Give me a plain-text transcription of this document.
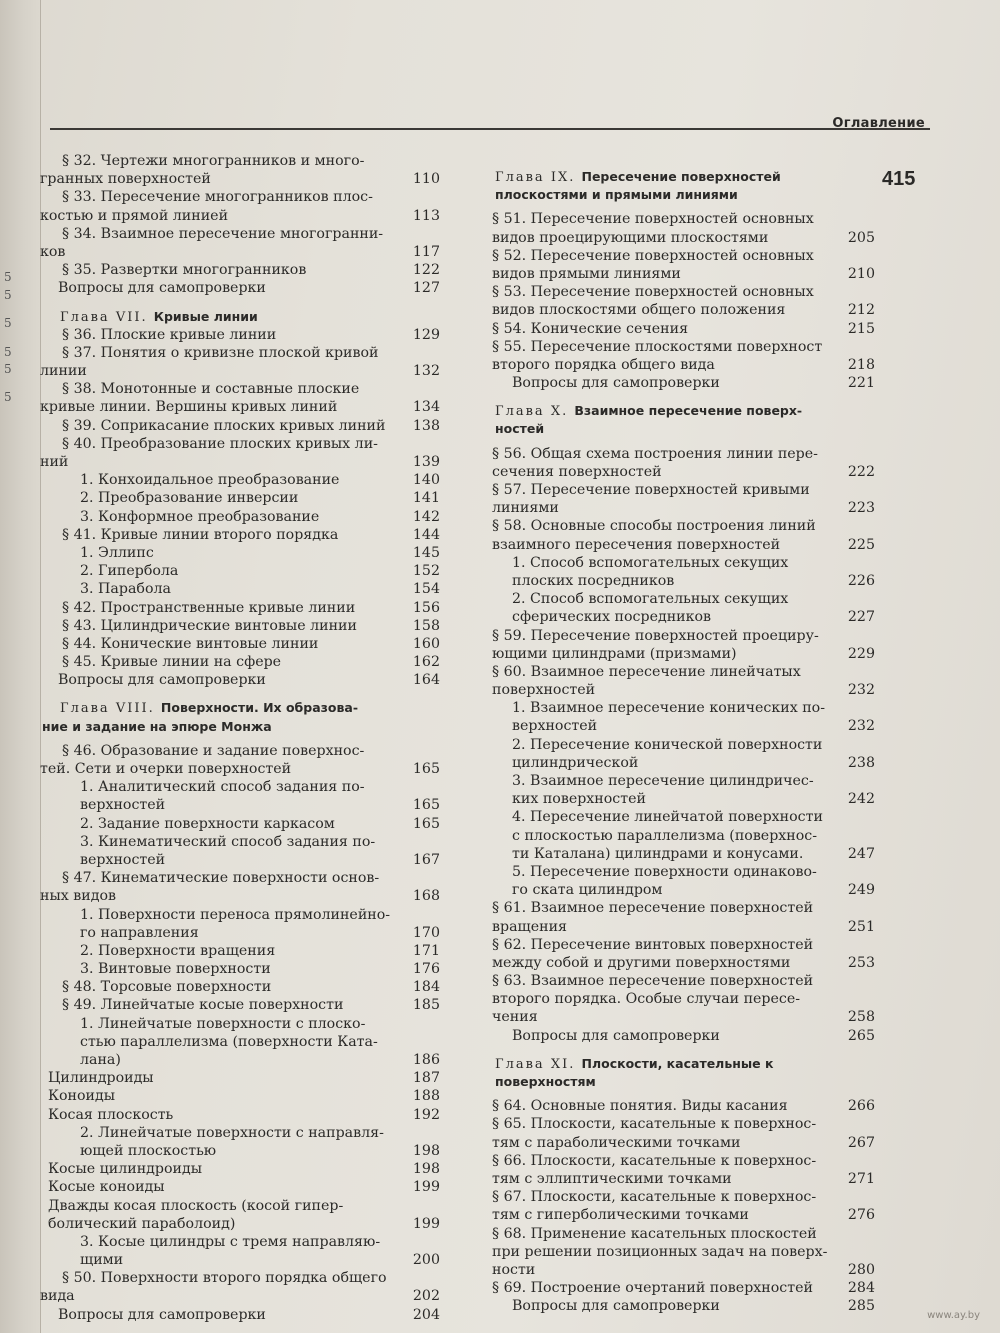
5
5
5
5
5
5
Оглавление
415
§ 32. Чертежи многогранников и много-
гранных поверхностей	110
§ 33. Пересечение многогранников плос-
костью и прямой линией	113
§ 34. Взаимное пересечение многогранни-
ков	117
§ 35. Развертки многогранников	122
Вопросы для самопроверки	127
Глава VII. Кривые линии
§ 36. Плоские кривые линии	129
§ 37. Понятия о кривизне плоской кривой
линии	132
§ 38. Монотонные и составные плоские
кривые линии. Вершины кривых линий	134
§ 39. Соприкасание плоских кривых линий 138
§ 40. Преобразование плоских кривых ли-
ний	139
1. Конхоидальное преобразование	140
2. Преобразование инверсии	141
3. Конформное преобразование	142
§ 41. Кривые линии второго порядка	144
1. Эллипс	145
2. Гипербола	152
3. Парабола	154
§ 42. Пространственные кривые линии	156
§ 43. Цилиндрические винтовые линии	158
§ 44. Конические винтовые линии	160
§ 45. Кривые линии на сфере	162
Вопросы для самопроверки	164
Глава VIII. Поверхности. Их образова-
ние и задание на эпюре Монжа
§ 46. Образование и задание поверхнос-
тей. Сети и очерки поверхностей	165
1. Аналитический способ задания по-
верхностей	165
2. Задание поверхности каркасом	165
3. Кинематический способ задания по-
верхностей	167
§ 47. Кинематические поверхности основ-
ных видов	168
1. Поверхности переноса прямолинейно-
го направления	170
2. Поверхности вращения	171
3. Винтовые поверхности	176
§ 48. Торсовые поверхности	184
§ 49. Линейчатые косые поверхности	185
1. Линейчатые поверхности с плоско-
стью параллелизма (поверхности Ката-
лана)	186
Цилиндроиды	187
Коноиды	188
Косая плоскость	192
2. Линейчатые поверхности с направля-
ющей плоскостью	198
Косые цилиндроиды	198
Косые коноиды	199
Дважды косая плоскость (косой гипер-
болический параболоид)	199
3. Косые цилиндры с тремя направляю-
щими	200
§ 50. Поверхности второго порядка общего
вида	202
Вопросы для самопроверки	204
Глава IX. Пересечение поверхностей
плоскостями и прямыми линиями
§ 51. Пересечение поверхностей основных
видов проецирующими плоскостями	205
§ 52. Пересечение поверхностей основных
видов прямыми линиями	210
§ 53. Пересечение поверхностей основных
видов плоскостями общего положения	212
§ 54. Конические сечения	215
§ 55. Пересечение плоскостями поверхност
второго порядка общего вида	218
Вопросы для самопроверки	221
Глава X. Взаимное пересечение поверх-
ностей
§ 56. Общая схема построения линии пере-
сечения поверхностей	222
§ 57. Пересечение поверхностей кривыми
линиями	223
§ 58. Основные способы построения линий
взаимного пересечения поверхностей	225
1. Способ вспомогательных секущих
плоских посредников	226
2. Способ вспомогательных секущих
сферических посредников	227
§ 59. Пересечение поверхностей проециру-
ющими цилиндрами (призмами)	229
§ 60. Взаимное пересечение линейчатых
поверхностей	232
1. Взаимное пересечение конических по-
верхностей	232
2. Пересечение конической поверхности
цилиндрической	238
3. Взаимное пересечение цилиндричес-
ких поверхностей	242
4. Пересечение линейчатой поверхности
с плоскостью параллелизма (поверхнос-
ти Каталана) цилиндрами и конусами.	247
5. Пересечение поверхности одинаково-
го ската цилиндром	249
§ 61. Взаимное пересечение поверхностей
вращения	251
§ 62. Пересечение винтовых поверхностей
между собой и другими поверхностями	253
§ 63. Взаимное пересечение поверхностей
второго порядка. Особые случаи пересе-
чения	258
Вопросы для самопроверки	265
Глава XI. Плоскости, касательные к
поверхностям
§ 64. Основные понятия. Виды касания	266
§ 65. Плоскости, касательные к поверхнос-
тям с параболическими точками	267
§ 66. Плоскости, касательные к поверхнос-
тям с эллиптическими точками	271
§ 67. Плоскости, касательные к поверхнос-
тям с гиперболическими точками	276
§ 68. Применение касательных плоскостей
при решении позиционных задач на поверх-
ности	280
§ 69. Построение очертаний поверхностей 284
Вопросы для самопроверки	285
www.ay.by
